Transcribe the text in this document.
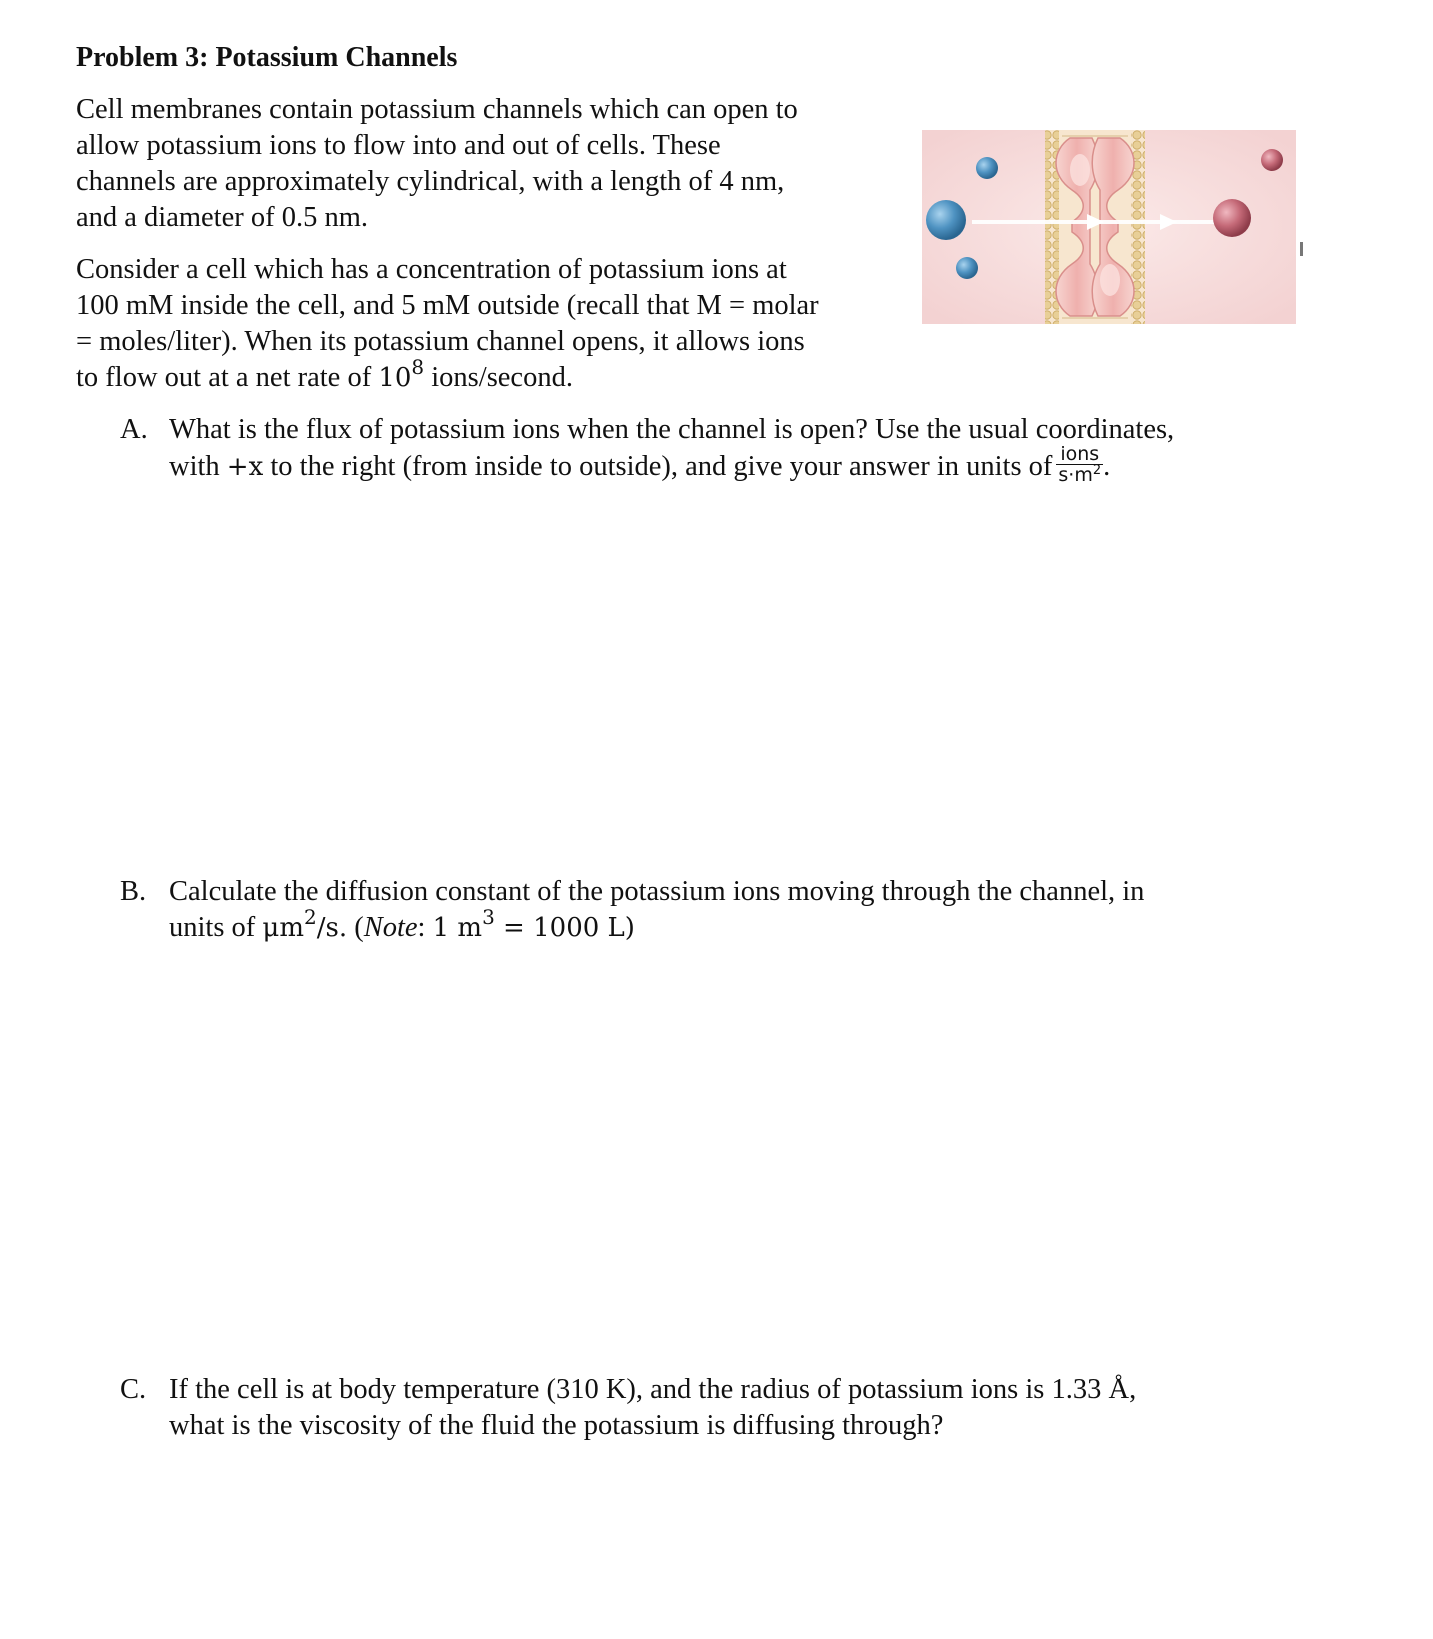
Problem 3: Potassium Channels
Cell membranes contain potassium channels which can open to
allow potassium ions to flow into and out of cells. These
channels are approximately cylindrical, with a length of 4 nm,
and a diameter of 0.5 nm.
Consider a cell which has a concentration of potassium ions at
100 mM inside the cell, and 5 mM outside (recall that M = molar
= moles/liter). When its potassium channel opens, it allows ions
to flow out at a net rate of $10^8$ ions/second.
A. What is the flux of potassium ions when the channel is open? Use the usual coordinates,
with +x to the right (from inside to outside), and give your answer in units of $\frac{\text{ions}}{s\cdot m^2}$ .
B. Calculate the diffusion constant of the potassium ions moving through the channel, in
units of $\mu m^2/s$. (Note: 1 $m^3 = 1000$ L)
C. If the cell is at body temperature (310 K), and the radius of potassium ions is 1.33 Å,
what is the viscosity of the fluid the potassium is diffusing through?
